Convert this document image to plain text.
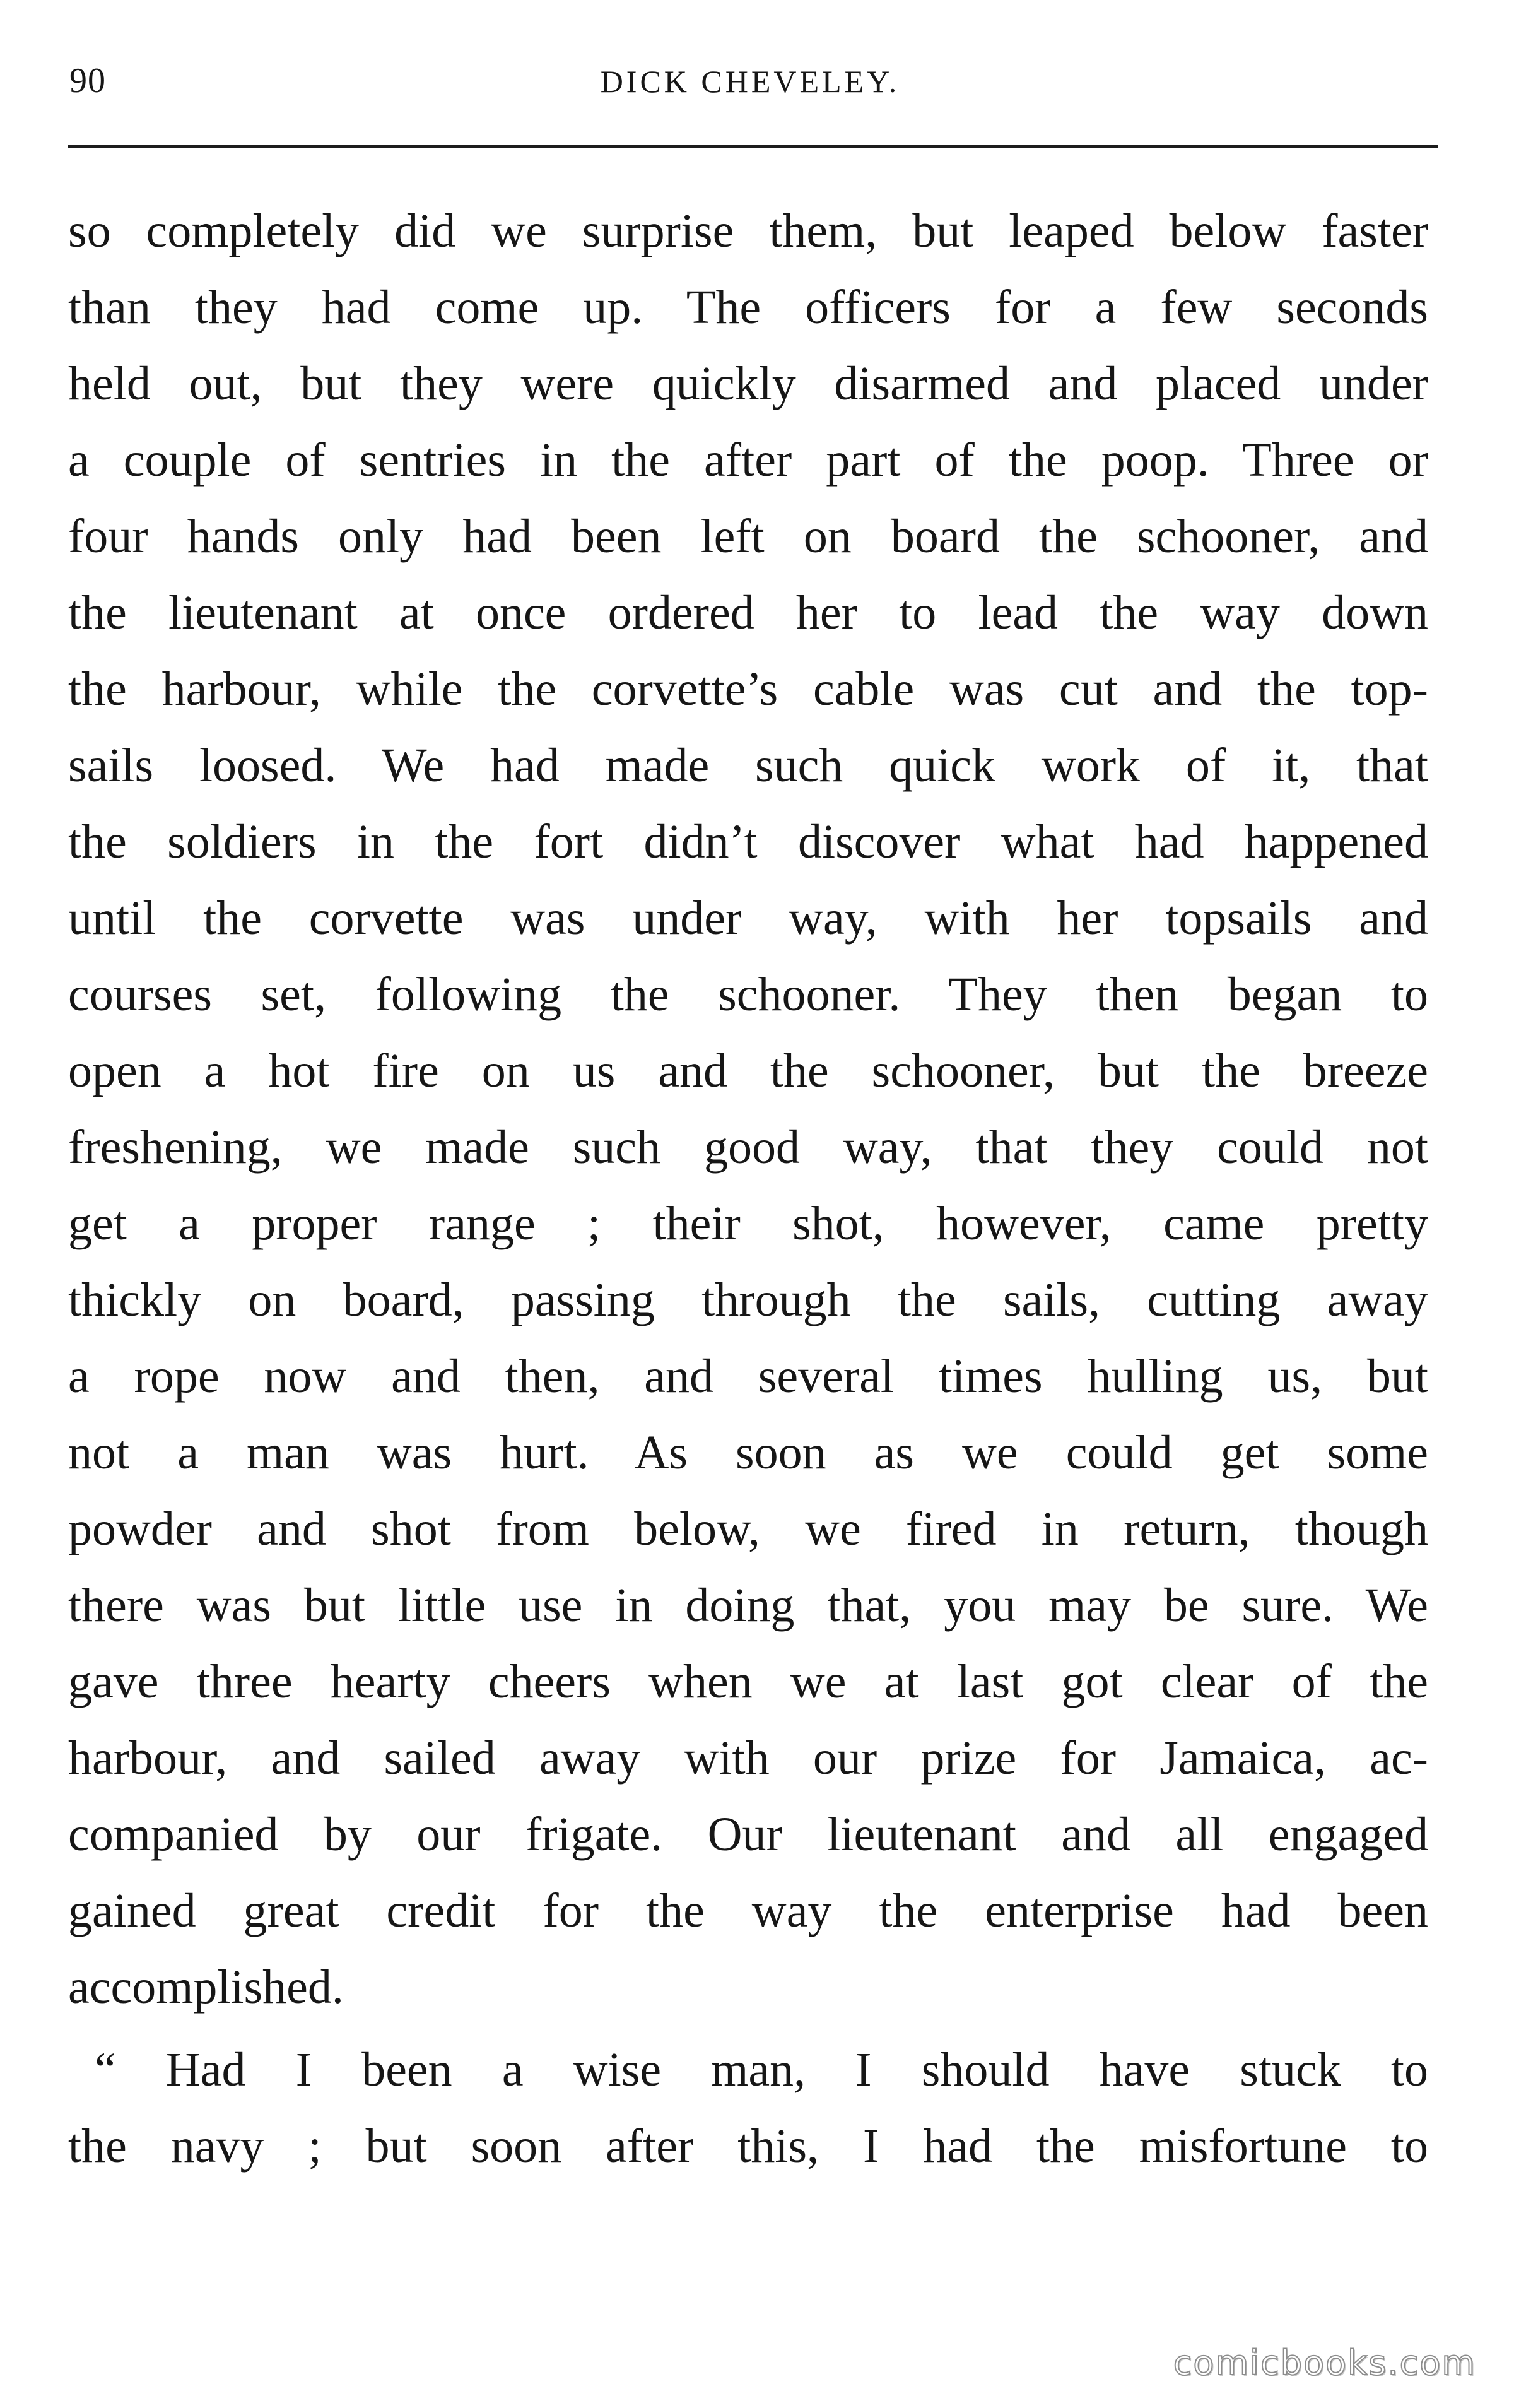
90	DICK CHEVELEY.
so completely did we surprise them, but leaped below faster
than they had come up. The officers for a few seconds
held out, but they were quickly disarmed and placed under
a couple of sentries in the after part of the poop. Three or
four hands only had been left on board the schooner, and
the lieutenant at once ordered her to lead the way down
the harbour, while the corvette’s cable was cut and the top-
sails loosed. We had made such quick work of it, that
the soldiers in the fort didn’t discover what had happened
until the corvette was under way, with her topsails and
courses set, following the schooner. They then began to
open a hot fire on us and the schooner, but the breeze
freshening, we made such good way, that they could not
get a proper range ; their shot, however, came pretty
thickly on board, passing through the sails, cutting away
a rope now and then, and several times hulling us, but
not a man was hurt. As soon as we could get some
powder and shot from below, we fired in return, though
there was but little use in doing that, you may be sure. We
gave three hearty cheers when we at last got clear of the
harbour, and sailed away with our prize for Jamaica, ac-
companied by our frigate. Our lieutenant and all engaged
gained great credit for the way the enterprise had been
accomplished.
“ Had I been a wise man, I should have stuck to
the navy ; but soon after this, I had the misfortune to
comicbooks.com
